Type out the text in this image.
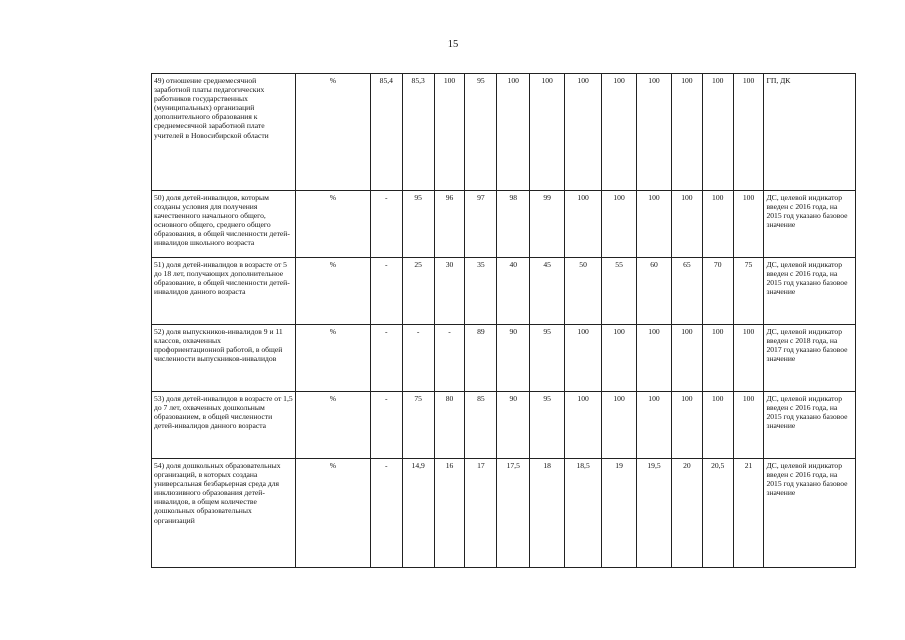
15
49) отношение среднемесячной заработной платы педагогических работников государственных (муниципальных) организаций дополнительного образования к среднемесячной заработной плате учителей в Новосибирской области	%	85,4	85,3	100	95	100	100	100	100	100	100	100	100	ГП, ДК
50) доля детей-инвалидов, которым созданы условия для получения качественного начального общего, основного общего, среднего общего образования, в общей численности детей-инвалидов школьного возраста	%	-	95	96	97	98	99	100	100	100	100	100	100	ДС, целевой индикатор введен с 2016 года, на 2015 год указано базовое значение
51) доля детей-инвалидов в возрасте от 5 до 18 лет, получающих дополнительное образование, в общей численности детей-инвалидов данного возраста	%	-	25	30	35	40	45	50	55	60	65	70	75	ДС, целевой индикатор введен с 2016 года, на 2015 год указано базовое значение
52) доля выпускников-инвалидов 9 и 11 классов, охваченных профориентационной работой, в общей численности выпускников-инвалидов	%	-	-	-	89	90	95	100	100	100	100	100	100	ДС, целевой индикатор введен с 2018 года, на 2017 год указано базовое значение
53) доля детей-инвалидов в возрасте от 1,5 до 7 лет, охваченных дошкольным образованием, в общей численности детей-инвалидов данного возраста	%	-	75	80	85	90	95	100	100	100	100	100	100	ДС, целевой индикатор введен с 2016 года, на 2015 год указано базовое значение
54) доля дошкольных образовательных организаций, в которых создана универсальная безбарьерная среда для инклюзивного образования детей-инвалидов, в общем количестве дошкольных образовательных организаций	%	-	14,9	16	17	17,5	18	18,5	19	19,5	20	20,5	21	ДС, целевой индикатор введен с 2016 года, на 2015 год указано базовое значение
